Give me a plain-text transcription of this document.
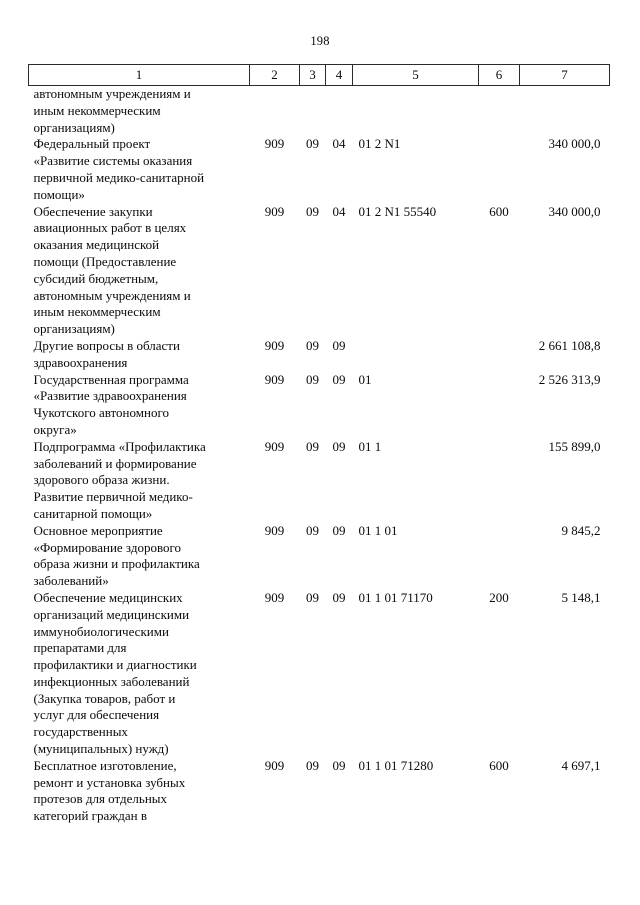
198
1	2	3	4	5	6	7
автономным учреждениям и
иным некоммерческим
организациям)						
Федеральный проект
«Развитие системы оказания
первичной медико-санитарной
помощи»	909	09	04	01 2 N1		340 000,0
Обеспечение закупки
авиационных работ в целях
оказания медицинской
помощи (Предоставление
субсидий бюджетным,
автономным учреждениям и
иным некоммерческим
организациям)	909	09	04	01 2 N1 55540	600	340 000,0
Другие вопросы в области
здравоохранения	909	09	09			2 661 108,8
Государственная программа
«Развитие здравоохранения
Чукотского автономного
округа»	909	09	09	01		2 526 313,9
Подпрограмма «Профилактика
заболеваний и формирование
здорового образа жизни.
Развитие первичной медико-
санитарной помощи»	909	09	09	01 1		155 899,0
Основное мероприятие
«Формирование здорового
образа жизни и профилактика
заболеваний»	909	09	09	01 1 01		9 845,2
Обеспечение медицинских
организаций медицинскими
иммунобиологическими
препаратами для
профилактики и диагностики
инфекционных заболеваний
(Закупка товаров, работ и
услуг для обеспечения
государственных
(муниципальных) нужд)	909	09	09	01 1 01 71170	200	5 148,1
Бесплатное изготовление,
ремонт и установка зубных
протезов для отдельных
категорий граждан в	909	09	09	01 1 01 71280	600	4 697,1
